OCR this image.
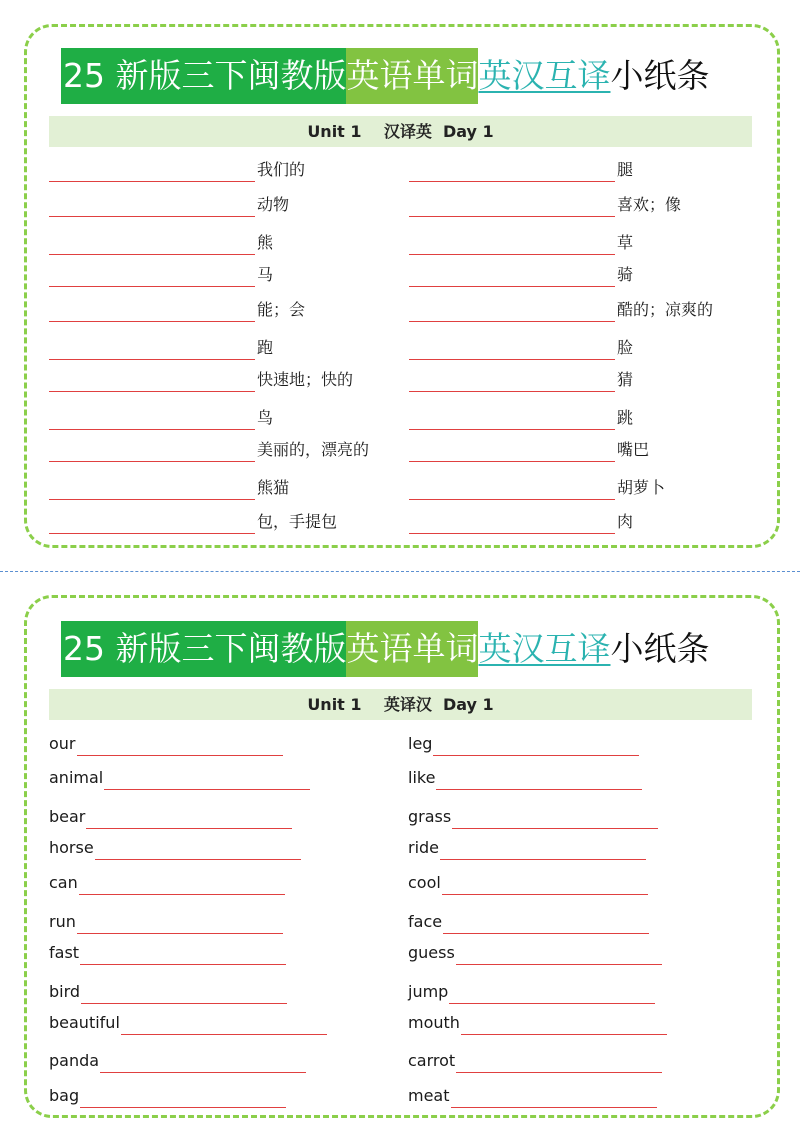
25 新版三下闽教版 英语单词 英汉互译 小纸条
Unit 1    汉译英  Day 1
25 新版三下闽教版 英语单词 英汉互译 小纸条
Unit 1    英译汉  Day 1
我们的
动物
熊
马
能；会
跑
快速地；快的
鸟
美丽的，漂亮的
熊猫
包，手提包
腿
喜欢；像
草
骑
酷的；凉爽的
脸
猜
跳
嘴巴
胡萝卜
肉
our
animal
bear
horse
can
run
fast
bird
beautiful
panda
bag
leg
like
grass
ride
cool
face
guess
jump
mouth
carrot
meat
